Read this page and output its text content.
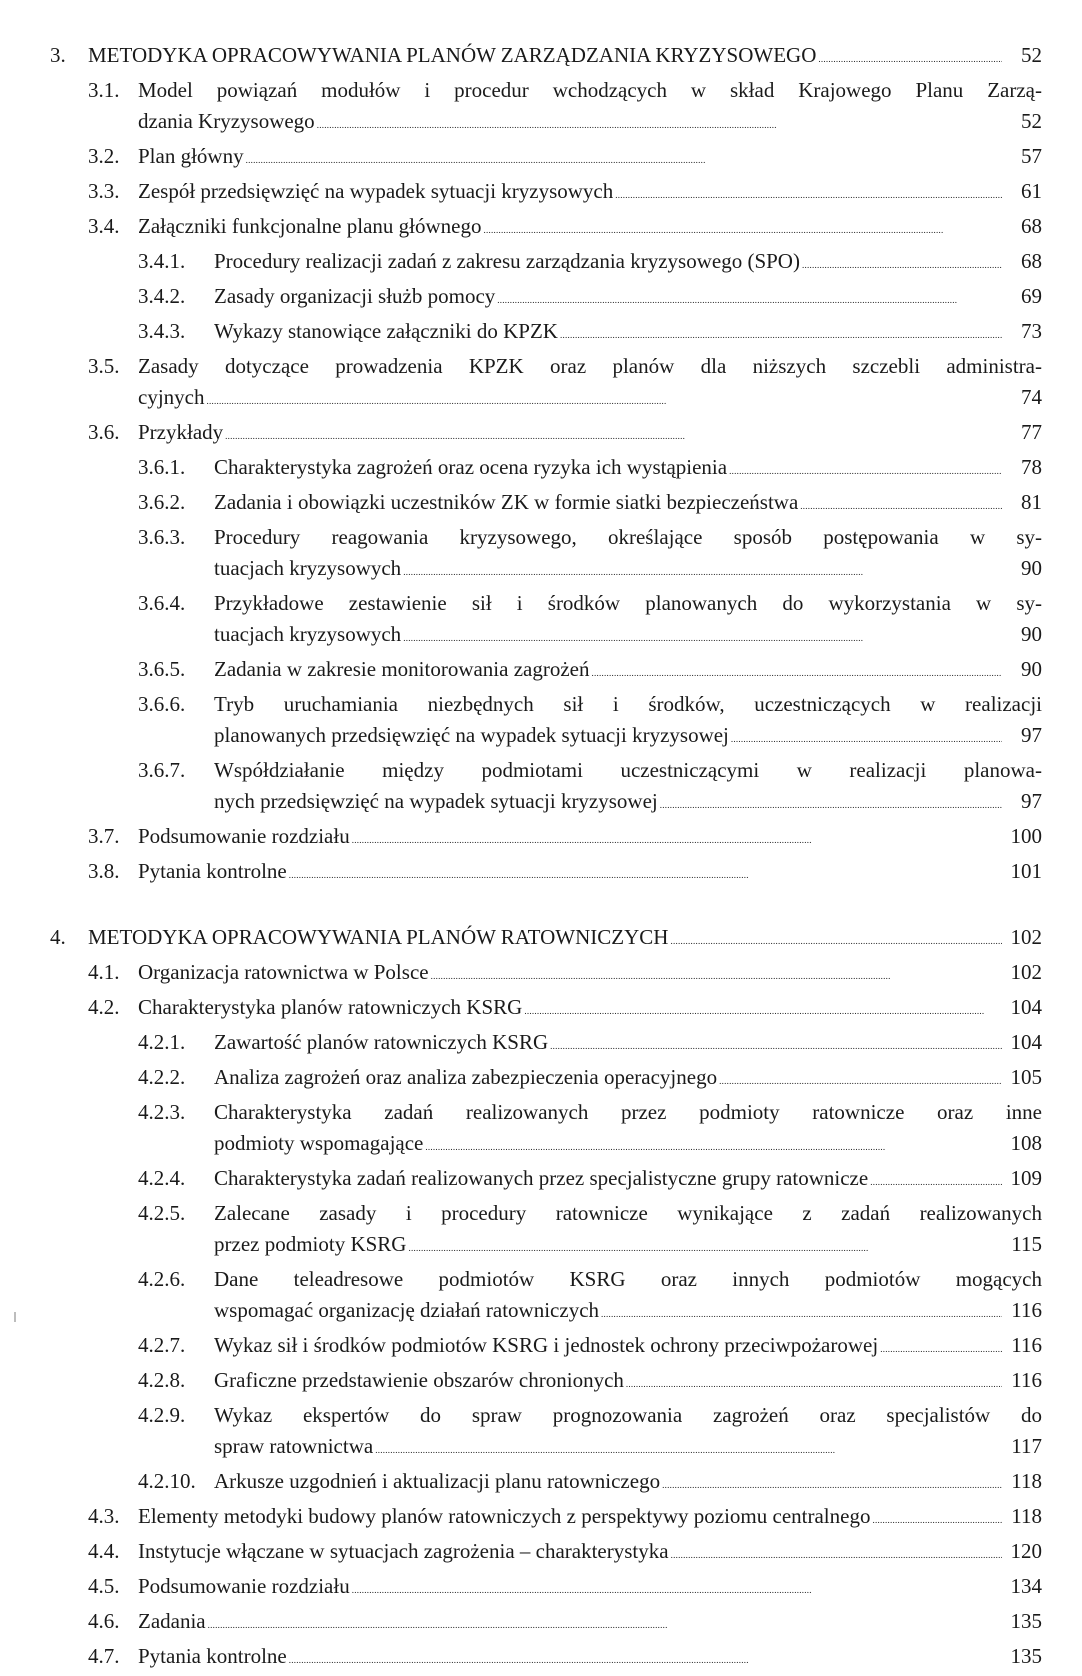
3.	METODYKA OPRACOWYWANIA PLANÓW ZARZĄDZANIA KRYZYSOWEGO . . .	52
3.1. Model powiązań modułów i procedur wchodzących w skład Krajowego Planu Zarzą-
dzania Kryzysowego . . .	52
3.2. Plan główny . . .	57
3.3. Zespół przedsięwzięć na wypadek sytuacji kryzysowych . . .	61
3.4. Załączniki funkcjonalne planu głównego . . .	68
3.4.1.	Procedury realizacji zadań z zakresu zarządzania kryzysowego (SPO) . . .	68
3.4.2.	Zasady organizacji służb pomocy . . .	69
3.4.3.	Wykazy stanowiące załączniki do KPZK . . .	73
3.5. Zasady dotyczące prowadzenia KPZK oraz planów dla niższych szczebli administra-
cyjnych . . .	74
3.6. Przykłady . . .	77
3.6.1.	Charakterystyka zagrożeń oraz ocena ryzyka ich wystąpienia . . .	78
3.6.2.	Zadania i obowiązki uczestników ZK w formie siatki bezpieczeństwa . . .	81
3.6.3.	Procedury reagowania kryzysowego, określające sposób postępowania w sy-
tuacjach kryzysowych . . .	90
3.6.4.	Przykładowe zestawienie sił i środków planowanych do wykorzystania w sy-
tuacjach kryzysowych . . .	90
3.6.5.	Zadania w zakresie monitorowania zagrożeń . . .	90
3.6.6.	Tryb uruchamiania niezbędnych sił i środków, uczestniczących w realizacji
planowanych przedsięwzięć na wypadek sytuacji kryzysowej . . .	97
3.6.7.	Współdziałanie między podmiotami uczestniczącymi w realizacji planowa-
nych przedsięwzięć na wypadek sytuacji kryzysowej . . .	97
3.7. Podsumowanie rozdziału . . .	100
3.8. Pytania kontrolne . . .	101
4.	METODYKA OPRACOWYWANIA PLANÓW RATOWNICZYCH . . .	102
4.1. Organizacja ratownictwa w Polsce . . .	102
4.2. Charakterystyka planów ratowniczych KSRG . . .	104
4.2.1.	Zawartość planów ratowniczych KSRG . . .	104
4.2.2.	Analiza zagrożeń oraz analiza zabezpieczenia operacyjnego . . .	105
4.2.3.	Charakterystyka zadań realizowanych przez podmioty ratownicze oraz inne
podmioty wspomagające . . .	108
4.2.4.	Charakterystyka zadań realizowanych przez specjalistyczne grupy ratownicze . . .	109
4.2.5.	Zalecane zasady i procedury ratownicze wynikające z zadań realizowanych
przez podmioty KSRG . . .	115
4.2.6.	Dane teleadresowe podmiotów KSRG oraz innych podmiotów mogących
wspomagać organizację działań ratowniczych . . .	116
4.2.7.	Wykaz sił i środków podmiotów KSRG i jednostek ochrony przeciwpożarowej . . .	116
4.2.8.	Graficzne przedstawienie obszarów chronionych . . .	116
4.2.9.	Wykaz ekspertów do spraw prognozowania zagrożeń oraz specjalistów do
spraw ratownictwa . . .	117
4.2.10. Arkusze uzgodnień i aktualizacji planu ratowniczego . . .	118
4.3. Elementy metodyki budowy planów ratowniczych z perspektywy poziomu centralnego . . .	118
4.4. Instytucje włączane w sytuacjach zagrożenia – charakterystyka . . .	120
4.5. Podsumowanie rozdziału . . .	134
4.6. Zadania . . .	135
4.7. Pytania kontrolne . . .	135
